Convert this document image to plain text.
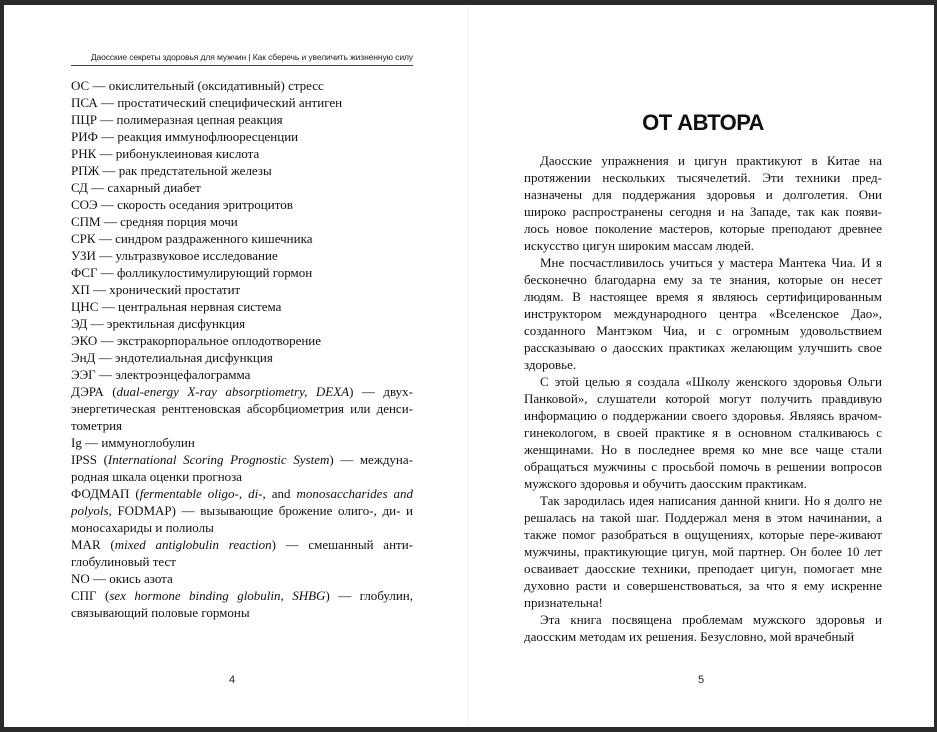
Даосские секреты здоровья для мужчин | Как сберечь и увеличить жизненную силу

ОС — окислительный (оксидативный) стресс

ПСА — простатический специфический антиген

ПЦР — полимеразная цепная реакция

РИФ — реакция иммунофлюоресценции

РНК — рибонуклеиновая кислота

РПЖ — рак предстательной железы

СД — сахарный диабет

СОЭ — скорость оседания эритроцитов

СПМ — средняя порция мочи

СРК — синдром раздраженного кишечника

УЗИ — ультразвуковое исследование

ФСГ — фолликулостимулирующий гормон

ХП — хронический простатит

ЦНС — центральная нервная система

ЭД — эректильная дисфункция

ЭКО — экстракорпоральное оплодотворение

ЭнД — эндотелиальная дисфункция

ЭЭГ — электроэнцефалограмма

ДЭРА (dual-energy X-ray absorptiometry, DEXA) — двух-энергетическая рентгеновская абсорбциометрия или денси-тометрия

Ig — иммуноглобулин

IPSS (International Scoring Prognostic System) — междуна-родная шкала оценки прогноза

ФОДМАП (fermentable oligo-, di-, and monosaccharides and polyols, FODMAP) — вызывающие брожение олиго-, ди- и моносахариды и полиолы

MAR (mixed antiglobulin reaction) — смешанный анти-глобулиновый тест

NO — окись азота

СПГ (sex hormone binding globulin, SHBG) — глобулин, связывающий половые гормоны

4
ОТ АВТОРА

Даосские упражнения и цигун практикуют в Китае на протяжении нескольких тысячелетий. Эти техники пред-назначены для поддержания здоровья и долголетия. Они широко распространены сегодня и на Западе, так как появи-лось новое поколение мастеров, которые преподают древнее искусство цигун широким массам людей.

Мне посчастливилось учиться у мастера Мантека Чиа. И я бесконечно благодарна ему за те знания, которые он несет людям. В настоящее время я являюсь сертифицированным инструктором международного центра «Вселенское Дао», созданного Мантэком Чиа, и с огромным удовольствием рассказываю о даосских практиках желающим улучшить свое здоровье.

С этой целью я создала «Школу женского здоровья Ольги Панковой», слушатели которой могут получить правдивую информацию о поддержании своего здоровья. Являясь врачом-гинекологом, в своей практике я в основном сталкиваюсь с женщинами. Но в последнее время ко мне все чаще стали обращаться мужчины с просьбой помочь в решении вопросов мужского здоровья и обучить даосским практикам.

Так зародилась идея написания данной книги. Но я долго не решалась на такой шаг. Поддержал меня в этом начинании, а также помог разобраться в ощущениях, которые пере-живают мужчины, практикующие цигун, мой партнер. Он более 10 лет осваивает даосские техники, преподает цигун, помогает мне духовно расти и совершенствоваться, за что я ему искренне признательна!

Эта книга посвящена проблемам мужского здоровья и даосским методам их решения. Безусловно, мой врачебный

5
